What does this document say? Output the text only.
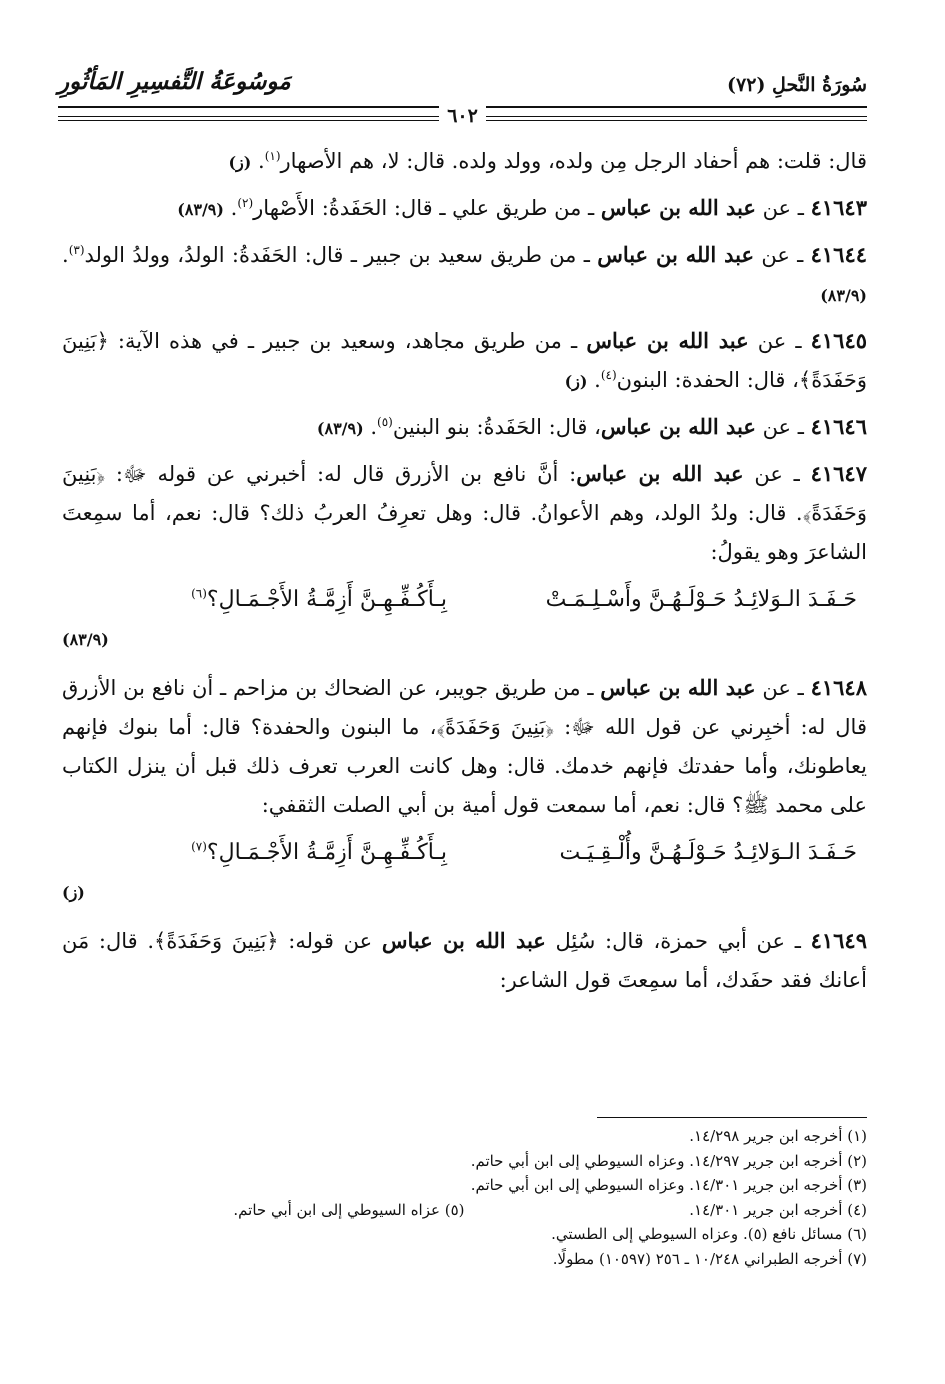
سُورَةُ النَّحلِ (٧٢)
مَوسُوعَةُ التَّفسِيرِ المَأثُورِ
٦٠٢

قال: قلت: هم أحفاد الرجل مِن ولده، وولد ولده. قال: لا، هم الأصهار$^{(١)}$. (ز)

٤١٦٤٣ ـ عن عبد الله بن عباس ـ من طريق علي ـ قال: الحَفَدةُ: الأَصْهار$^{(٢)}$. (٨٣/٩)

٤١٦٤٤ ـ عن عبد الله بن عباس ـ من طريق سعيد بن جبير ـ قال: الحَفَدةُ: الولدُ، وولدُ الولد$^{(٣)}$. (٨٣/٩)

٤١٦٤٥ ـ عن عبد الله بن عباس ـ من طريق مجاهد، وسعيد بن جبير ـ في هذه الآية: ﴿بَنِينَ وَحَفَدَةً﴾، قال: الحفدة: البنون$^{(٤)}$. (ز)

٤١٦٤٦ ـ عن عبد الله بن عباس، قال: الحَفَدةُ: بنو البنين$^{(٥)}$. (٨٣/٩)

٤١٦٤٧ ـ عن عبد الله بن عباس: أنَّ نافع بن الأزرق قال له: أخبرني عن قوله ﷻ: ﴿بَنِينَ وَحَفَدَةً﴾. قال: ولدُ الولد، وهم الأعوانُ. قال: وهل تعرِفُ العربُ ذلك؟ قال: نعم، أما سمِعتَ الشاعرَ وهو يقولُ:

حَـفَـدَ الـوَلائِـدُ حَـوْلَـهُـنَّ وأَسْـلِـمَـتْ
بِـأَكُـفِّـهِـنَّ أَزِمَّـةُ الأَجْـمَـالِ؟$^{(٦)}$
(٨٣/٩)

٤١٦٤٨ ـ عن عبد الله بن عباس ـ من طريق جويبر، عن الضحاك بن مزاحم ـ أن نافع بن الأزرق قال له: أخبِرني عن قول الله ﷻ: ﴿بَنِينَ وَحَفَدَةً﴾، ما البنون والحفدة؟ قال: أما بنوك فإنهم يعاطونك، وأما حفدتك فإنهم خدمك. قال: وهل كانت العرب تعرف ذلك قبل أن ينزل الكتاب على محمد ﷺ؟ قال: نعم، أما سمعت قول أمية بن أبي الصلت الثقفي:

حَـفَـدَ الـوَلائِـدُ حَـوْلَـهُـنَّ وأُلْـقِـيَـت
بِـأَكُـفِّـهِـنَّ أَزِمَّـةُ الأَجْـمَـالِ؟$^{(٧)}$
(ز)

٤١٦٤٩ ـ عن أبي حمزة، قال: سُئِل عبد الله بن عباس عن قوله: ﴿بَنِينَ وَحَفَدَةً﴾. قال: مَن أعانك فقد حفَدك، أما سمِعتَ قول الشاعر:

(١) أخرجه ابن جرير ١٤/٢٩٨.
(٢) أخرجه ابن جرير ١٤/٢٩٧. وعزاه السيوطي إلى ابن أبي حاتم.
(٣) أخرجه ابن جرير ١٤/٣٠١. وعزاه السيوطي إلى ابن أبي حاتم.
(٤) أخرجه ابن جرير ١٤/٣٠١.
(٥) عزاه السيوطي إلى ابن أبي حاتم.
(٦) مسائل نافع (٥). وعزاه السيوطي إلى الطستي.
(٧) أخرجه الطبراني ١٠/٢٤٨ ـ ٢٥٦ (١٠٥٩٧) مطولًا.
